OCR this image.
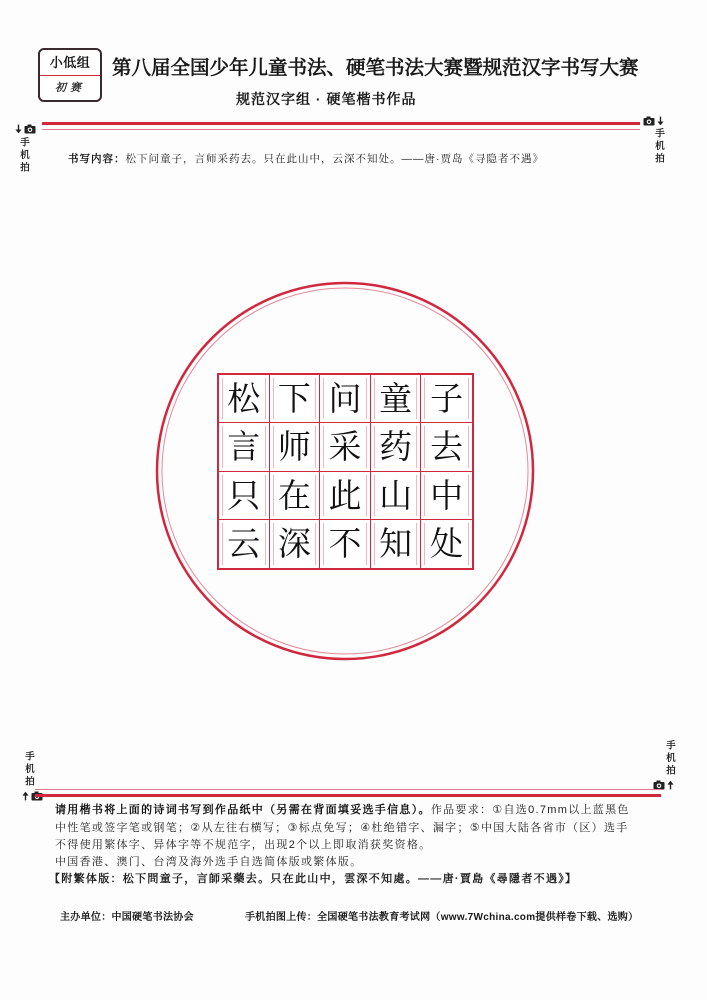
小低组
初赛
第八届全国少年儿童书法、硬笔书法大赛暨规范汉字书写大赛
规范汉字组 · 硬笔楷书作品
手机拍	手机拍
书写内容：松下问童子，言师采药去。只在此山中，云深不知处。——唐·贾岛《寻隐者不遇》
松 下 问 童 子
言 师 采 药 去
只 在 此 山 中
云 深 不 知 处
手机拍	手机拍
请用楷书将上面的诗词书写到作品纸中（另需在背面填妥选手信息）。作品要求：①自选0.7mm以上蓝黑色
中性笔或签字笔或钢笔；②从左往右横写；③标点免写；④杜绝错字、漏字；⑤中国大陆各省市（区）选手
不得使用繁体字、异体字等不规范字，出现2个以上即取消获奖资格。
中国香港、澳门、台湾及海外选手自选简体版或繁体版。
【附繁体版：松下問童子，言師采藥去。只在此山中，雲深不知處。——唐·賈島《尋隱者不遇》】
主办单位：中国硬笔书法协会	手机拍图上传：全国硬笔书法教育考试网（www.7Wchina.com提供样卷下载、选购）
